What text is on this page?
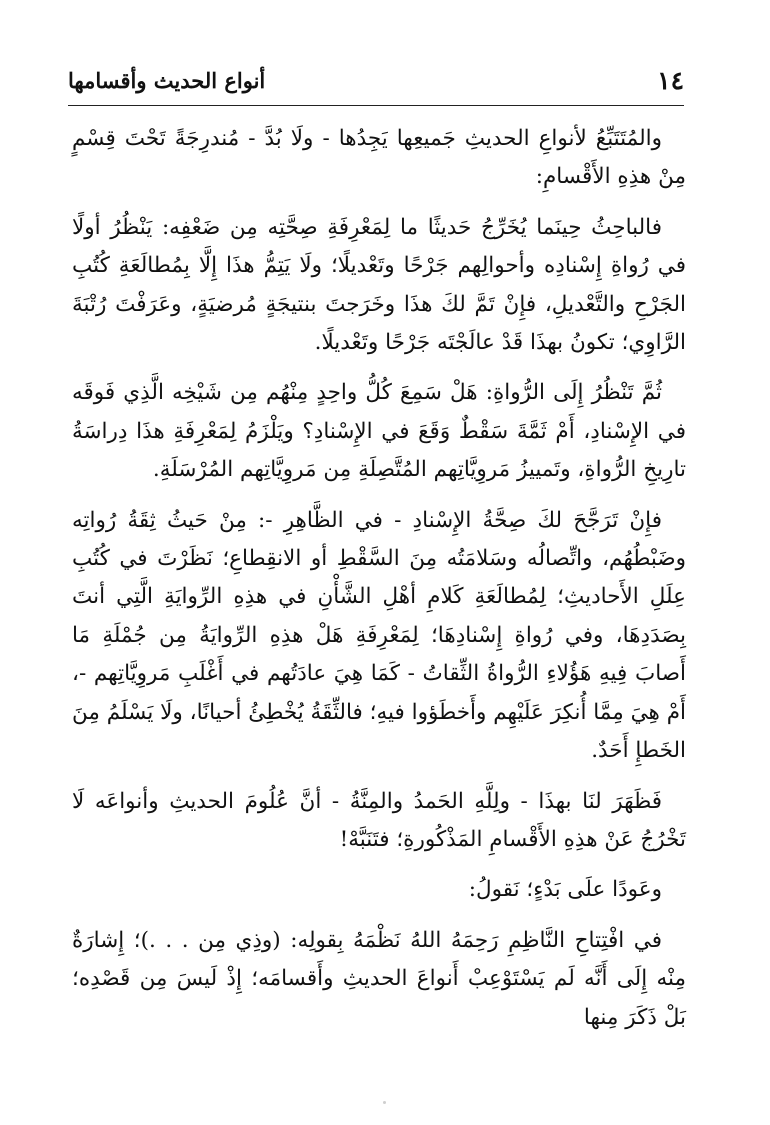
١٤
أنواع الحديث وأقسامها

والمُتَتَبِّعُ لأنواعِ الحديثِ جَميعِها يَجِدُها - ولَا بُدَّ - مُندرِجَةً تَحْتَ قِسْمٍ مِنْ هذِهِ الأَقْسامِ:

فالباحِثُ حِينَما يُخَرِّجُ حَديثًا ما لِمَعْرِفَةِ صِحَّتِه مِن ضَعْفِه: يَنْظُرُ أولًا في رُواةِ إِسْنادِه وأحوالِهم جَرْحًا وتَعْديلًا؛ ولَا يَتِمُّ هذَا إِلَّا بِمُطالَعَةِ كُتُبِ الجَرْحِ والتَّعْديلِ، فإِنْ تَمَّ لكَ هذَا وخَرَجتَ بنتيجَةٍ مُرضيَةٍ، وعَرَفْتَ رُتْبَةَ الرَّاوِي؛ تكونُ بهذَا قَدْ عالَجْتَه جَرْحًا وتَعْديلًا.

ثُمَّ تَنْظُرُ إِلَى الرُّواةِ: هَلْ سَمِعَ كُلُّ واحِدٍ مِنْهُم مِن شَيْخِه الَّذِي فَوقَه في الإِسْنادِ، أَمْ ثَمَّةَ سَقْطٌ وَقَعَ في الإِسْنادِ؟ ويَلْزَمُ لِمَعْرِفَةِ هذَا دِراسَةُ تارِيخِ الرُّواةِ، وتَمييزُ مَروِيَّاتِهم المُتَّصِلَةِ مِن مَروِيَّاتِهم المُرْسَلَةِ.

فإِنْ تَرَجَّحَ لكَ صِحَّةُ الإِسْنادِ - في الظَّاهِرِ -: مِنْ حَيثُ ثِقَةُ رُواتِه وضَبْطُهُم، واتِّصالُه وسَلامَتُه مِنَ السَّقْطِ أو الانقِطاعِ؛ نَظَرْتَ في كُتُبِ عِلَلِ الأَحاديثِ؛ لِمُطالَعَةِ كَلامِ أهْلِ الشَّأْنِ في هذِهِ الرِّوايَةِ الَّتِي أنتَ بِصَدَدِهَا، وفي رُواةِ إِسْنادِهَا؛ لِمَعْرِفَةِ هَلْ هذِهِ الرِّوايَةُ مِن جُمْلَةِ مَا أَصابَ فِيهِ هَؤُلاءِ الرُّواةُ الثِّقاتُ - كَمَا هِيَ عادَتُهم في أَغْلَبِ مَروِيَّاتِهم -، أَمْ هِيَ مِمَّا أُنكِرَ عَلَيْهِم وأَخطَؤوا فيهِ؛ فالثِّقَةُ يُخْطِئُ أحيانًا، ولَا يَسْلَمُ مِنَ الخَطإِ أَحَدٌ.

فَظَهَرَ لنَا بهذَا - ولِلَّهِ الحَمدُ والمِنَّةُ - أنَّ عُلُومَ الحديثِ وأنواعَه لَا تَخْرُجُ عَنْ هذِهِ الأَقْسامِ المَذْكُورةِ؛ فتَنَبَّهْ!

وعَودًا علَى بَدْءٍ؛ نَقولُ:

في افْتِتاحِ النَّاظِمِ رَحِمَهُ اللهُ نَظْمَهُ بِقولِه: (وذِي مِن . . .)؛ إِشارَةٌ مِنْه إِلَى أَنَّه لَم يَسْتَوْعِبْ أَنواعَ الحديثِ وأَقسامَه؛ إِذْ لَيسَ مِن قَصْدِه؛ بَلْ ذَكَرَ مِنها
